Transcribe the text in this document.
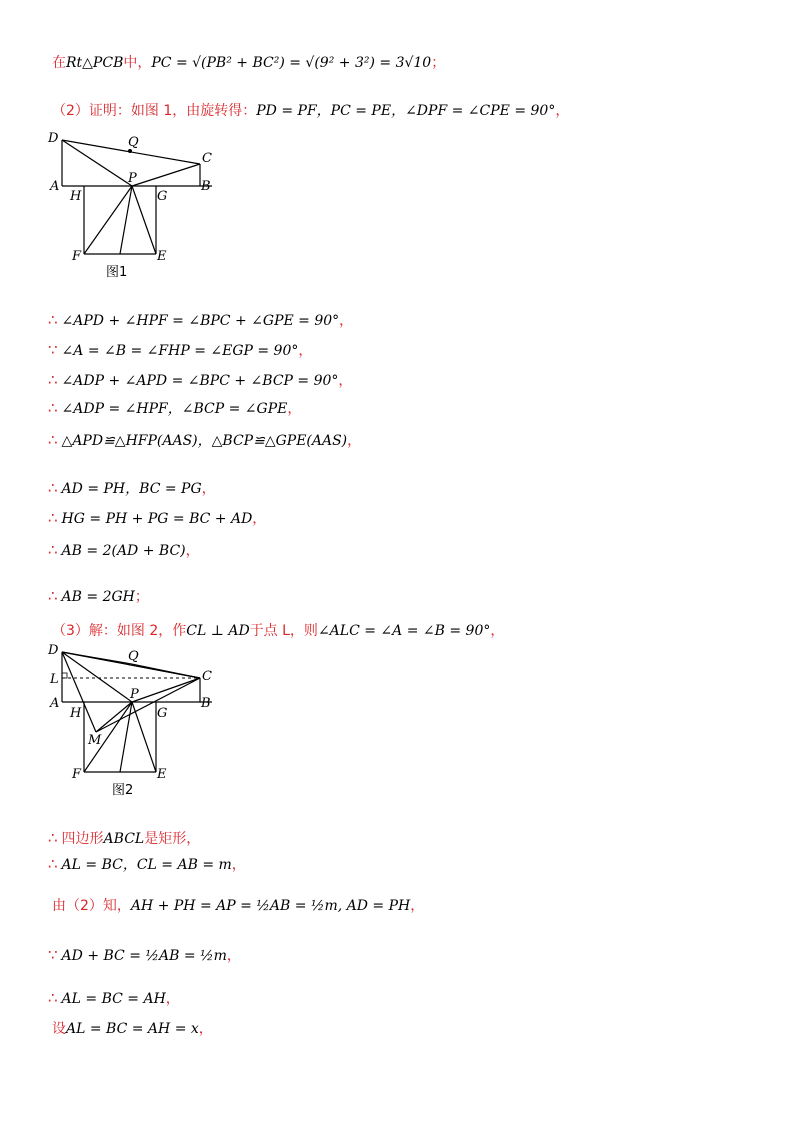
在Rt△PCB中，PC = √(PB² + BC²) = √(9² + 3²) = 3√10；
（2）证明：如图 1，由旋转得：PD = PF，PC = PE，∠DPF = ∠CPE = 90°，
∴ ∠APD + ∠HPF = ∠BPC + ∠GPE = 90°，
∵ ∠A = ∠B = ∠FHP = ∠EGP = 90°，
∴ ∠ADP + ∠APD = ∠BPC + ∠BCP = 90°，
∴ ∠ADP = ∠HPF，∠BCP = ∠GPE，
∴ △APD≌△HFP(AAS)，△BCP≌△GPE(AAS)，
∴ AD = PH，BC = PG，
∴ HG = PH + PG = BC + AD，
∴ AB = 2(AD + BC)，
∴ AB = 2GH；
（3）解：如图 2，作CL ⊥ AD于点 L，则∠ALC = ∠A = ∠B = 90°，
∴ 四边形ABCL是矩形，
∴ AL = BC，CL = AB = m，
由（2）知，AH + PH = AP = ½AB = ½m, AD = PH，
∵ AD + BC = ½AB = ½m，
∴ AL = BC = AH，
设AL = BC = AH = x，
D	Q
C
A
P
B
H	G
F	E
图1
D	Q
L	C
A
H
P
G
B
M
F	E
图2
